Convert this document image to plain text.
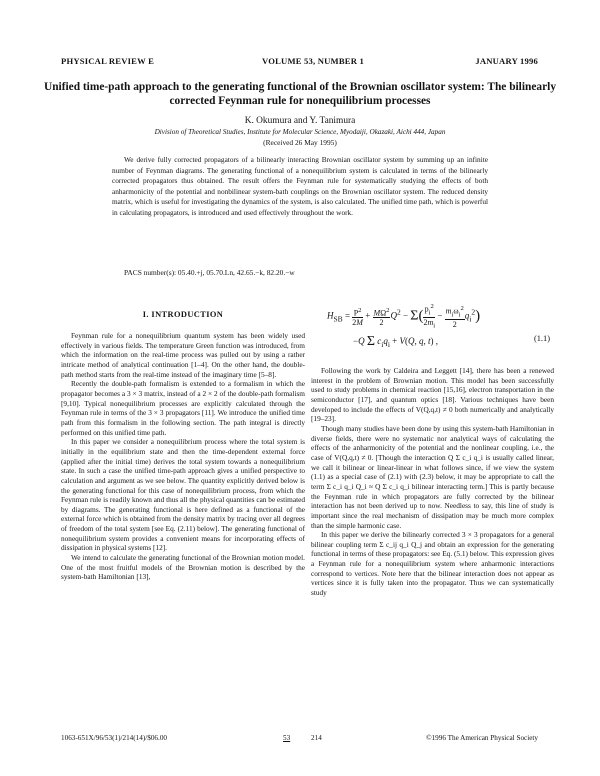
PHYSICAL REVIEW E	VOLUME 53, NUMBER 1	JANUARY 1996
Unified time-path approach to the generating functional of the Brownian oscillator system: The bilinearly corrected Feynman rule for nonequilibrium processes
K. Okumura and Y. Tanimura
Division of Theoretical Studies, Institute for Molecular Science, Myodaiji, Okazaki, Aichi 444, Japan
(Received 26 May 1995)
We derive fully corrected propagators of a bilinearly interacting Brownian oscillator system by summing up an infinite number of Feynman diagrams. The generating functional of a nonequilibrium system is calculated in terms of the bilinearly corrected propagators thus obtained. The result offers the Feynman rule for systematically studying the effects of both anharmonicity of the potential and nonbilinear system-bath couplings on the Brownian oscillator system. The reduced density matrix, which is useful for investigating the dynamics of the system, is also calculated. The unified time path, which is powerful in calculating propagators, is introduced and used effectively throughout the work.
PACS number(s): 05.40.+j, 05.70.Ln, 42.65.−k, 82.20.−w
I. INTRODUCTION

Feynman rule for a nonequilibrium quantum system has been widely used effectively in various fields. The temperature Green function was introduced, from which the information on the real-time process was pulled out by using a rather intricate method of analytical continuation [1–4]. On the other hand, the double-path method starts from the real-time instead of the imaginary time [5–8].

Recently the double-path formalism is extended to a formalism in which the propagator becomes a 3 × 3 matrix, instead of a 2 × 2 of the double-path formalism [9,10]. Typical nonequilibrium processes are explicitly calculated through the Feynman rule in terms of the 3 × 3 propagators [11]. We introduce the unified time path from this formalism in the following section. The path integral is directly performed on this unified time path.

In this paper we consider a nonequilibrium process where the total system is initially in the equilibrium state and then the time-dependent external force (applied after the initial time) derives the total system towards a nonequilibrium state. In such a case the unified time-path approach gives a unified perspective to calculation and argument as we see below. The quantity explicitly derived below is the generating functional for this case of nonequilibrium process, from which the Feynman rule is readily known and thus all the physical quantities can be estimated by diagrams. The generating functional is here defined as a functional of the external force which is obtained from the density matrix by tracing over all degrees of freedom of the total system [see Eq. (2.11) below]. The generating functional of nonequilibrium system provides a convenient means for incorporating effects of dissipation in physical systems [12].

We intend to calculate the generating functional of the Brownian motion model. One of the most fruitful models of the Brownian motion is described by the system-bath Hamiltonian [13],

$H_{SB} = \frac{P^2}{2M} + \frac{M\Omega^2}{2} Q^2 - \Sigma( \frac{p_i^2}{2m_i} - \frac{m_i\omega_i^2}{2} q_i^2)$
−Q Σ $c_iq_i + V(Q$, q, t) ,	(1.1)

Following the work by Caldeira and Leggett [14], there has been a renewed interest in the problem of Brownian motion. This model has been successfully used to study problems in chemical reaction [15,16], electron transportation in the semiconductor [17], and quantum optics [18]. Various techniques have been developed to include the effects of V(Q,q,t) ≠ 0 both numerically and analytically [19–23].

Though many studies have been done by using this system-bath Hamiltonian in diverse fields, there were no systematic nor analytical ways of calculating the effects of the anharmonicity of the potential and the nonlinear coupling, i.e., the case of V(Q,q,t) ≠ 0. [Though the interaction Q Σ c_i q_i is usually called linear, we call it bilinear or linear-linear in what follows since, if we view the system (1.1) as a special case of (2.1) with (2.3) below, it may be appropriate to call the term Σ c_i q_i Q_i ≈ Q Σ c_i q_i bilinear interacting term.] This is partly because the Feynman rule in which propagators are fully corrected by the bilinear interaction has not been derived up to now. Needless to say, this line of study is important since the real mechanism of dissipation may be much more complex than the simple harmonic case.

In this paper we derive the bilinearly corrected 3 × 3 propagators for a general bilinear coupling term Σ c_ij q_i Q_j and obtain an expression for the generating functional in terms of these propagators: see Eq. (5.1) below. This expression gives a Feynman rule for a nonequilibrium system where anharmonic interactions correspond to vertices. Note here that the bilinear interaction does not appear as vertices since it is fully taken into the propagator. Thus we can systematically study

1063-651X/96/53(1)/214(14)/$06.00	53	214	©1996 The American Physical Society
